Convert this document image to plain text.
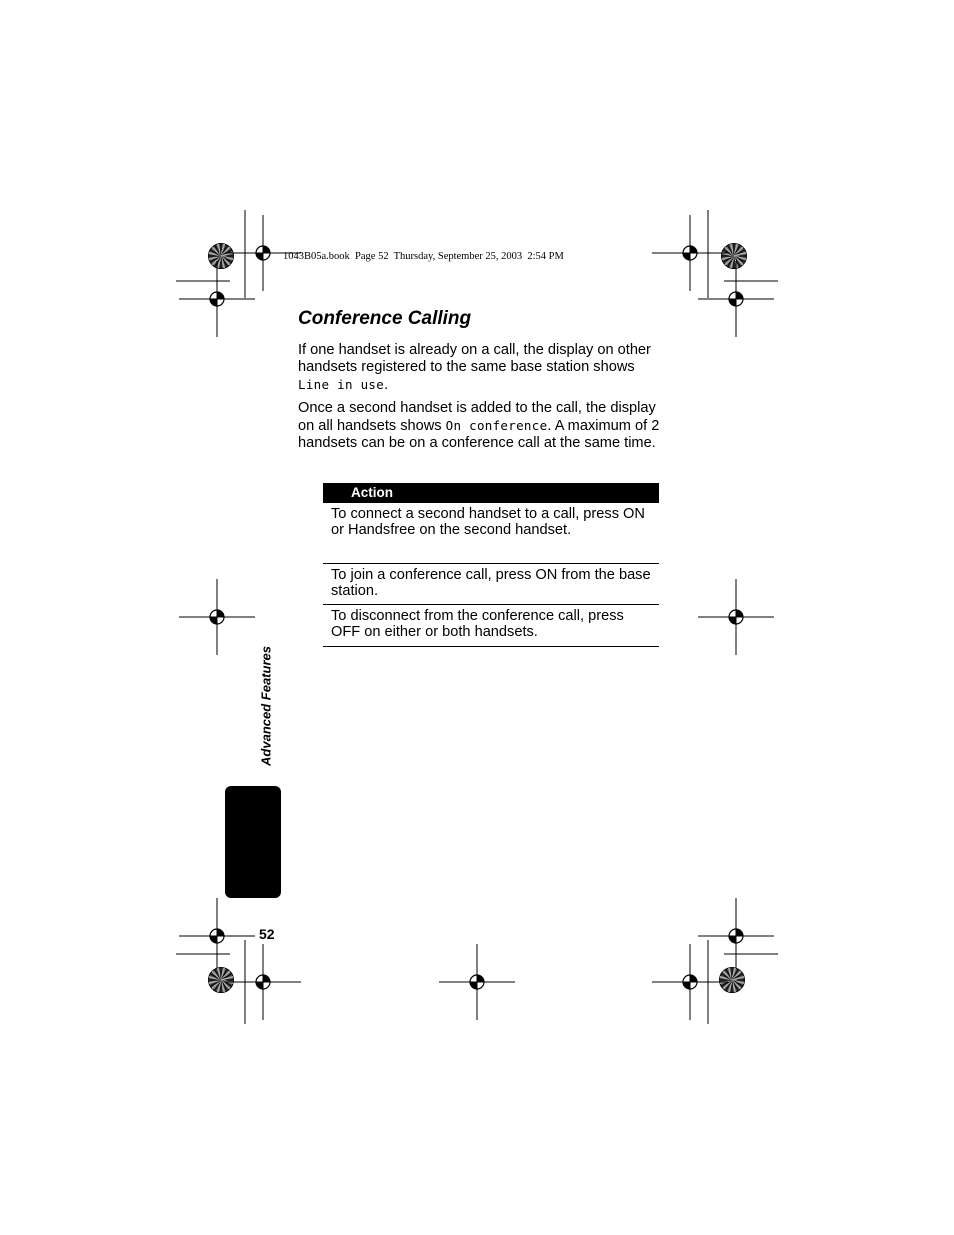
1043B05a.book  Page 52  Thursday, September 25, 2003  2:54 PM
Conference Calling
If one handset is already on a call, the display on other handsets registered to the same base station shows Line in use.
Once a second handset is added to the call, the display on all handsets shows On conference. A maximum of 2 handsets can be on a conference call at the same time.
Action
To connect a second handset to a call, press ON or Handsfree on the second handset.
To join a conference call, press ON from the base station.
To disconnect from the conference call, press OFF on either or both handsets.
Advanced Features
52
